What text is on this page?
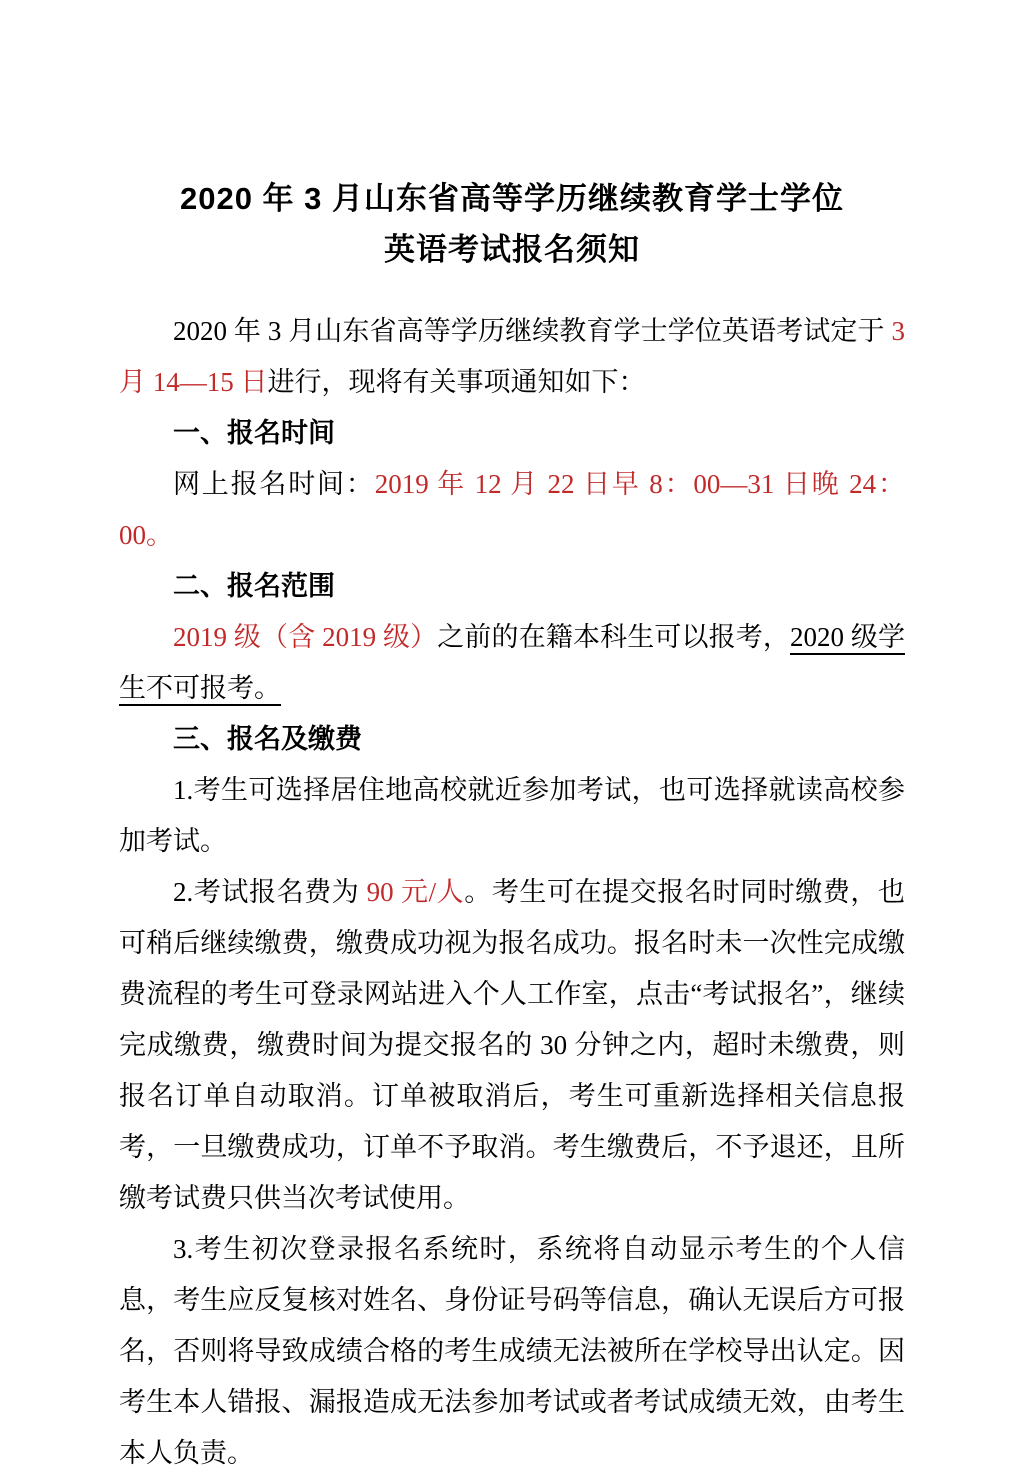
2020 年 3 月山东省高等学历继续教育学士学位
英语考试报名须知

2020 年 3 月山东省高等学历继续教育学士学位英语考试定于 3 月 14—15 日进行，现将有关事项通知如下：

一、报名时间

网上报名时间：2019 年 12 月 22 日早 8：00—31 日晚 24：00。

二、报名范围

2019 级（含 2019 级）之前的在籍本科生可以报考，2020 级学生不可报考。

三、报名及缴费

1.考生可选择居住地高校就近参加考试，也可选择就读高校参加考试。

2.考试报名费为 90 元/人。考生可在提交报名时同时缴费，也可稍后继续缴费，缴费成功视为报名成功。报名时未一次性完成缴费流程的考生可登录网站进入个人工作室，点击“考试报名”，继续完成缴费，缴费时间为提交报名的 30 分钟之内，超时未缴费，则报名订单自动取消。订单被取消后，考生可重新选择相关信息报考，一旦缴费成功，订单不予取消。考生缴费后，不予退还，且所缴考试费只供当次考试使用。

3.考生初次登录报名系统时，系统将自动显示考生的个人信息，考生应反复核对姓名、身份证号码等信息，确认无误后方可报名，否则将导致成绩合格的考生成绩无法被所在学校导出认定。因考生本人错报、漏报造成无法参加考试或者考试成绩无效，由考生本人负责。
